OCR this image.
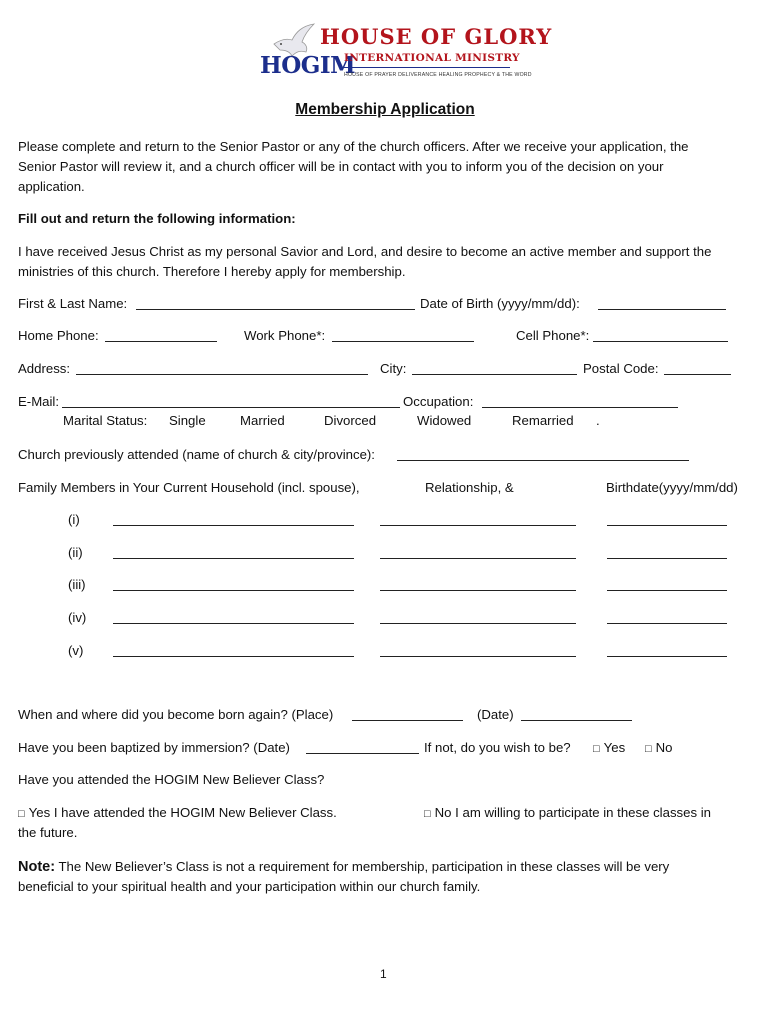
HOUSE OF GLORY
HOGIM
INTERNATIONAL MINISTRY
HOUSE OF PRAYER DELIVERANCE HEALING PROPHECY & THE WORD
Membership Application
Please complete and return to the Senior Pastor or any of the church officers. After we receive your application, the
Senior Pastor will review it, and a church officer will be in contact with you to inform you of the decision on your
application.
Fill out and return the following information:
I have received Jesus Christ as my personal Savior and Lord, and desire to become an active member and support the
ministries of this church. Therefore I hereby apply for membership.
First & Last Name:	Date of Birth (yyyy/mm/dd):
Home Phone:	Work Phone*:	Cell Phone*:
Address:	City:	Postal Code:
E-Mail:	Occupation:
Marital Status: Single	Married	Divorced	Widowed	Remarried .
Church previously attended (name of church & city/province):
Family Members in Your Current Household (incl. spouse),	Relationship, &	Birthdate(yyyy/mm/dd)
(i)
(ii)
(iii)
(iv)
(v)
When and where did you become born again? (Place)	(Date)
Have you been baptized by immersion? (Date)	If not, do you wish to be? □ Yes □ No
Have you attended the HOGIM New Believer Class?
□ Yes I have attended the HOGIM New Believer Class.	□ No I am willing to participate in these classes in
the future.
Note: The New Believer’s Class is not a requirement for membership, participation in these classes will be very
beneficial to your spiritual health and your participation within our church family.
1
